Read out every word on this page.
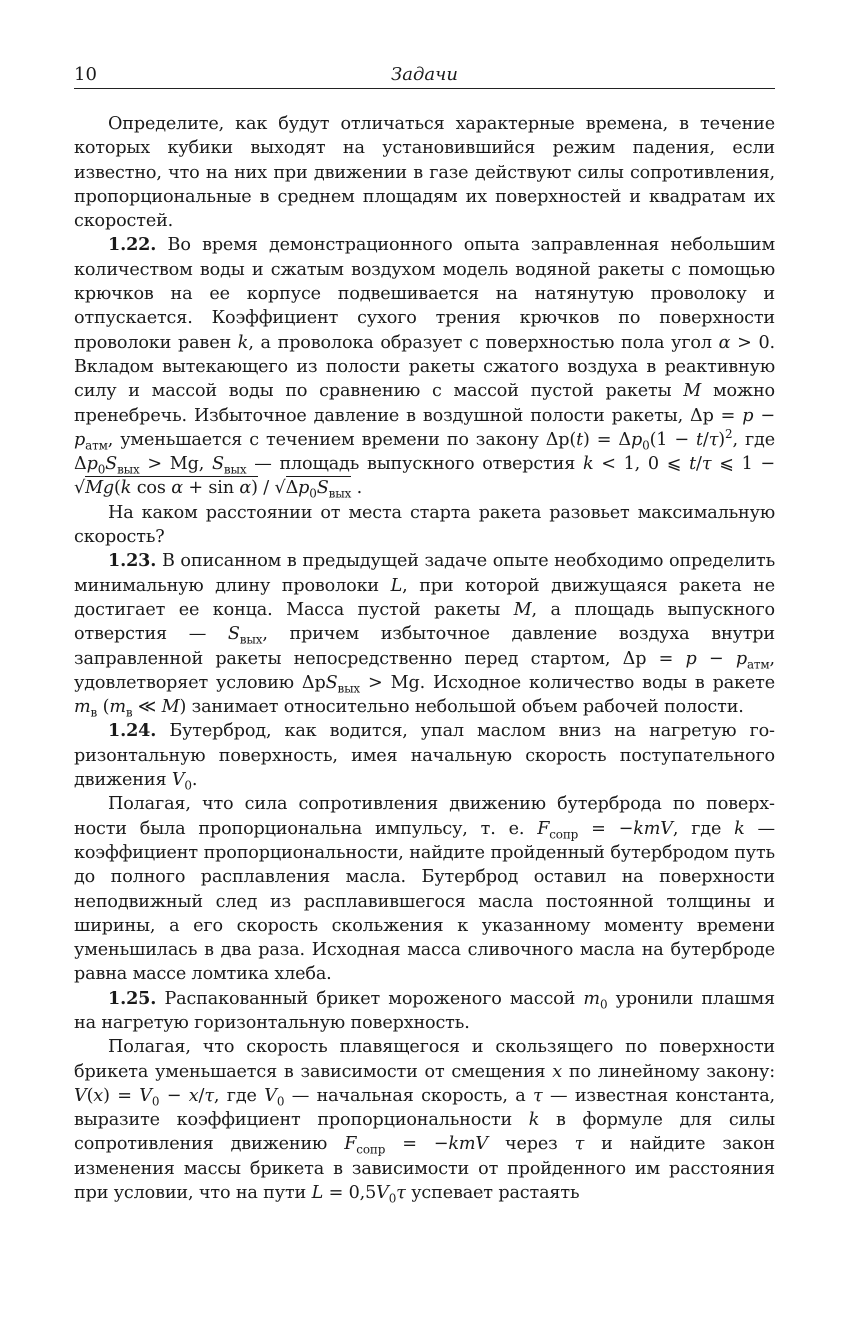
10	Задачи

Определите, как будут отличаться характерные времена, в течение которых кубики выходят на установившийся режим падения, если известно, что на них при движении в газе действуют силы сопротивления, пропорциональные в среднем площадям их поверхностей и квадратам их скоростей.

1.22. Во время демонстрационного опыта заправленная небольшим количеством воды и сжатым воздухом модель водяной ракеты с помощью крючков на ее корпусе подвешивается на натянутую проволоку и отпускается. Коэффициент сухого трения крючков по поверхности проволоки равен k, а проволока образует с поверхностью пола угол α > 0. Вкладом вытекающего из полости ракеты сжатого воздуха в реактивную силу и массой воды по сравнению с массой пустой ракеты M можно пренебречь. Избыточное давление в воздушной полости ракеты, $\Delta p = p - p_{атм}$, уменьшается с течением времени по закону $\Delta p(t) = \Delta p_0(1 - t/\tau)^2$, где $\Delta p_0S_{вых} > Mg$, $S_{вых}$ — площадь выпускного отверстия k < 1, 0 ⩽ t/τ ⩽ 1 − √Mg(k $\cos \alpha + \sin \alpha) / √\Delta p_0S_{вых}$ .

На каком расстоянии от места старта ракета разовьет максимальную скорость?

1.23. В описанном в предыдущей задаче опыте необходимо определить минимальную длину проволоки L, при которой движущаяся ракета не достигает ее конца. Масса пустой ракеты M, а площадь выпускного отверстия — $S_{вых}$, причем избыточное давление воздуха внутри заправленной ракеты непосредственно перед стартом, $\Delta p = p - p_{атм}$, удовлетворяет условию ΔpS$_{вых}$ > Mg. Исходное количество воды в ракете $m_в$ ($m_в$ ≪ M) занимает относительно небольшой объем рабочей полости.

1.24. Бутерброд, как водится, упал маслом вниз на нагретую горизонтальную поверхность, имея начальную скорость поступательного движения $V_0$.

Полагая, что сила сопротивления движению бутерброда по поверхности была пропорциональна импульсу, т. е. $F_{сопр} = -kmV$, где k — коэффициент пропорциональности, найдите пройденный бутербродом путь до полного расплавления масла. Бутерброд оставил на поверхности неподвижный след из расплавившегося масла постоянной толщины и ширины, а его скорость скольжения к указанному моменту времени уменьшилась в два раза. Исходная масса сливочного масла на бутерброде равна массе ломтика хлеба.

1.25. Распакованный брикет мороженого массой $m_0$ уронили плашмя на нагретую горизонтальную поверхность.

Полагая, что скорость плавящегося и скользящего по поверхности брикета уменьшается в зависимости от смещения x по линейному закону: $V(x) = V_0 - x/\tau$, где $V_0$ — начальная скорость, а τ — известная константа, выразите коэффициент пропорциональности k в формуле для силы сопротивления движению $F_{сопр} = -kmV$ через τ и найдите закон изменения массы брикета в зависимости от пройденного им расстояния при условии, что на пути $L = 0,5V_0\tau$ успевает растаять
